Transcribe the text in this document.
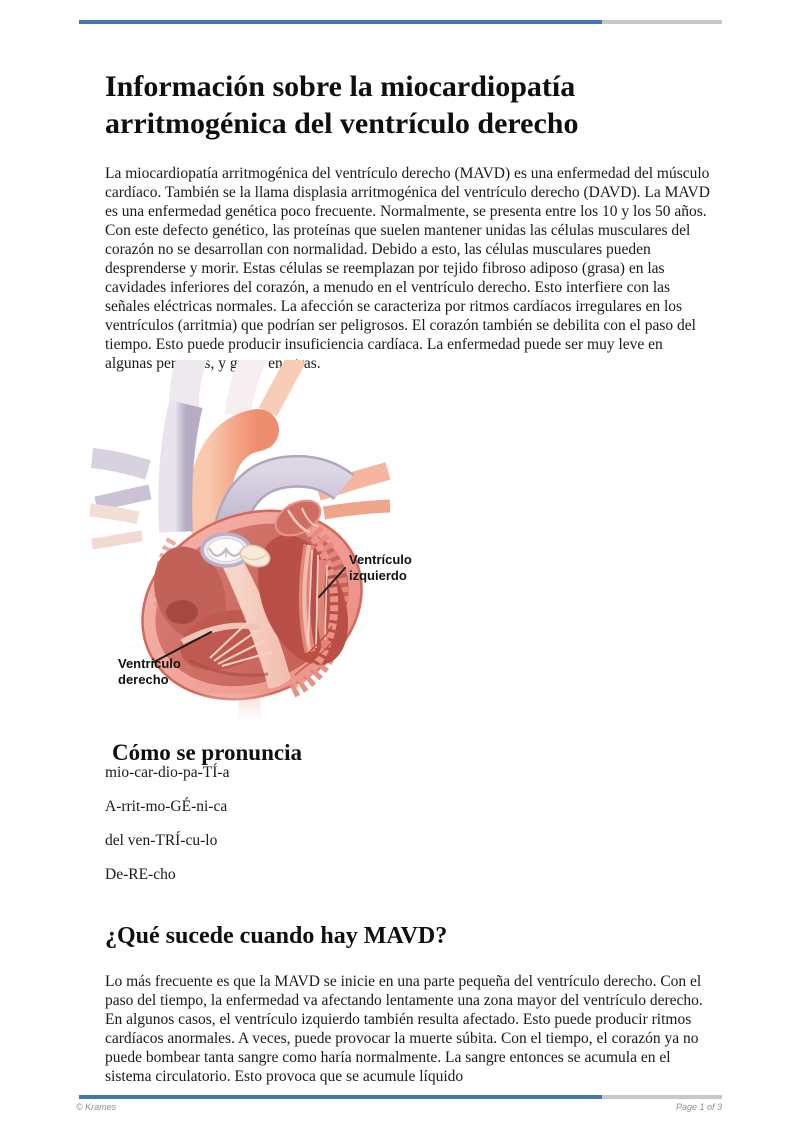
Información sobre la miocardiopatía arritmogénica del ventrículo derecho

La miocardiopatía arritmogénica del ventrículo derecho (MAVD) es una enfermedad del músculo cardíaco. También se la llama displasia arritmogénica del ventrículo derecho (DAVD). La MAVD es una enfermedad genética poco frecuente. Normalmente, se presenta entre los 10 y los 50 años. Con este defecto genético, las proteínas que suelen mantener unidas las células musculares del corazón no se desarrollan con normalidad. Debido a esto, las células musculares pueden desprenderse y morir. Estas células se reemplazan por tejido fibroso adiposo (grasa) en las cavidades inferiores del corazón, a menudo en el ventrículo derecho. Esto interfiere con las señales eléctricas normales. La afección se caracteriza por ritmos cardíacos irregulares en los ventrículos (arritmia) que podrían ser peligrosos. El corazón también se debilita con el paso del tiempo. Esto puede producir insuficiencia cardíaca. La enfermedad puede ser muy leve en algunas personas, y grave en otras.

Ventrículo
izquierdo
Ventrículo
derecho
Cómo se pronuncia

mio-car-dio-pa-TÍ-a

A-rrit-mo-GÉ-ni-ca

del ven-TRÍ-cu-lo

De-RE-cho

¿Qué sucede cuando hay MAVD?

Lo más frecuente es que la MAVD se inicie en una parte pequeña del ventrículo derecho. Con el paso del tiempo, la enfermedad va afectando lentamente una zona mayor del ventrículo derecho. En algunos casos, el ventrículo izquierdo también resulta afectado. Esto puede producir ritmos cardíacos anormales. A veces, puede provocar la muerte súbita. Con el tiempo, el corazón ya no puede bombear tanta sangre como haría normalmente. La sangre entonces se acumula en el sistema circulatorio. Esto provoca que se acumule líquido

© Krames	Page 1 of 3
